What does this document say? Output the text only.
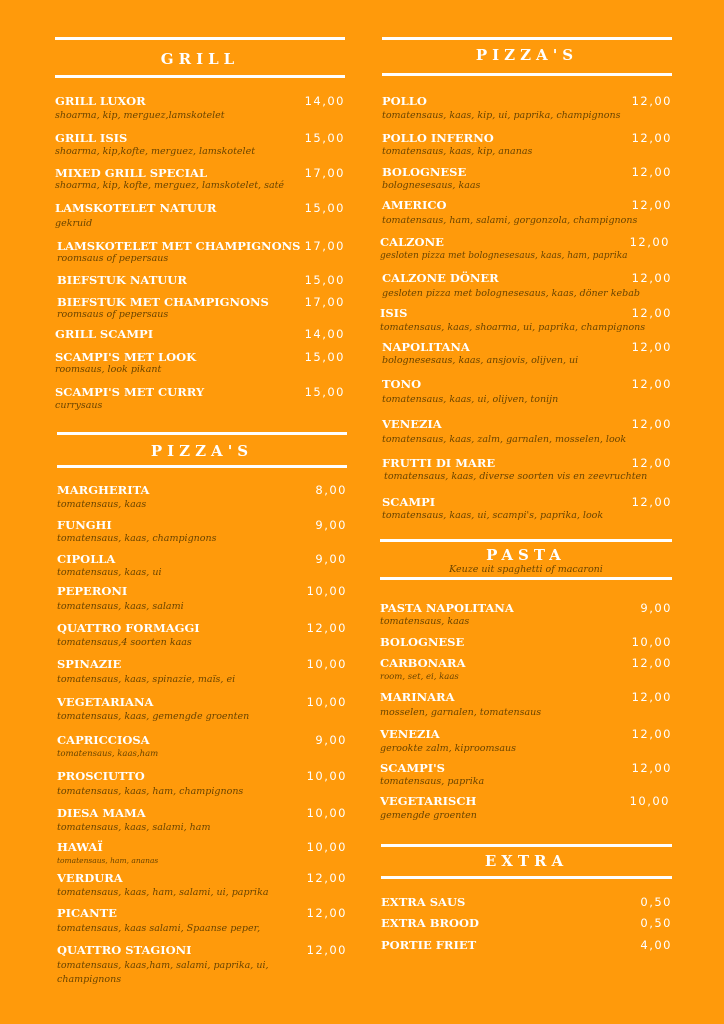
GRILL
GRILL LUXOR	14,00
shoarma, kip, merguez,lamskotelet
GRILL ISIS	15,00
shoarma, kip,kofte, merguez, lamskotelet
MIXED GRILL SPECIAL	17,00
shoarma, kip, kofte, merguez, lamskotelet, saté
LAMSKOTELET NATUUR	15,00
gekruid
LAMSKOTELET MET CHAMPIGNONS 17,00
roomsaus of pepersaus
BIEFSTUK NATUUR	15,00
BIEFSTUK MET CHAMPIGNONS	17,00
roomsaus of pepersaus
GRILL SCAMPI	14,00
SCAMPI'S MET LOOK	15,00
roomsaus, look pikant
SCAMPI'S MET CURRY	15,00
currysaus
PIZZA'S
MARGHERITA	8,00
tomatensaus, kaas
FUNGHI	9,00
tomatensaus, kaas, champignons
CIPOLLA	9,00
tomatensaus, kaas, ui
PEPERONI	10,00
tomatensaus, kaas, salami
QUATTRO FORMAGGI	12,00
tomatensaus,4 soorten kaas
SPINAZIE	10,00
tomatensaus, kaas, spinazie, maïs, ei
VEGETARIANA	10,00
tomatensaus, kaas, gemengde groenten
CAPRICCIOSA	9,00
tomatensaus, kaas,ham
PROSCIUTTO	10,00
tomatensaus, kaas, ham, champignons
DIESA MAMA	10,00
tomatensaus, kaas, salami, ham
HAWAÏ	10,00
tomatensaus, ham, ananas
VERDURA	12,00
tomatensaus, kaas, ham, salami, ui, paprika
PICANTE	12,00
tomatensaus, kaas salami, Spaanse peper,
QUATTRO STAGIONI	12,00
tomatensaus, kaas,ham, salami, paprika, ui, champignons
PIZZA'S
POLLO	12,00
tomatensaus, kaas, kip, ui, paprika, champignons
POLLO INFERNO	12,00
tomatensaus, kaas, kip, ananas
BOLOGNESE	12,00
bolognesesaus, kaas
AMERICO	12,00
tomatensaus, ham, salami, gorgonzola, champignons
CALZONE	12,00
gesloten pizza met bolognesesaus, kaas, ham, paprika
CALZONE DÖNER	12,00
gesloten pizza met bolognesesaus, kaas, döner kebab
ISIS	12,00
tomatensaus, kaas, shoarma, ui, paprika, champignons
NAPOLITANA	12,00
bolognesesaus, kaas, ansjovis, olijven, ui
TONO	12,00
tomatensaus, kaas, ui, olijven, tonijn
VENEZIA	12,00
tomatensaus, kaas, zalm, garnalen, mosselen, look
FRUTTI DI MARE	12,00
tomatensaus, kaas, diverse soorten vis en zeevruchten
SCAMPI	12,00
tomatensaus, kaas, ui, scampi's, paprika, look
PASTA
Keuze uit spaghetti of macaroni
PASTA NAPOLITANA	9,00
tomatensaus, kaas
BOLOGNESE	10,00
CARBONARA	12,00
room, set, ei, kaas
MARINARA	12,00
mosselen, garnalen, tomatensaus
VENEZIA	12,00
gerookte zalm, kiproomsaus
SCAMPI'S	12,00
tomatensaus, paprika
VEGETARISCH	10,00
gemengde groenten
EXTRA
EXTRA SAUS	0,50
EXTRA BROOD	0,50
PORTIE FRIET	4,00
